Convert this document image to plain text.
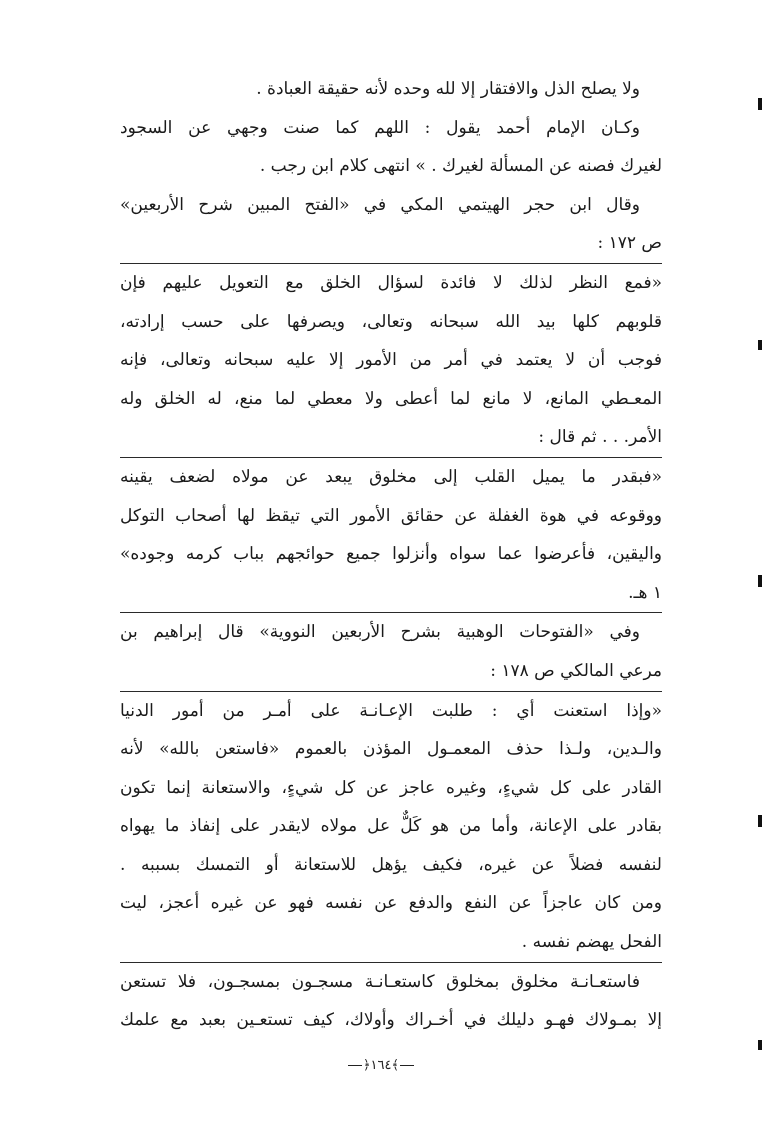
ولا يصلح الذل والافتقار إلا لله وحده لأنه حقيقة العبادة .
وكـان الإمام أحمد يقول : اللهم كما صنت وجهي عن السجود
لغيرك فصنه عن المسألة لغيرك . » انتهى كلام ابن رجب .
وقال ابن حجر الهيتمي المكي في «الفتح المبين شرح الأربعين»
ص ١٧٢ :
«فمع النظر لذلك لا فائدة لسؤال الخلق مع التعويل عليهم فإن
قلوبهم كلها بيد الله سبحانه وتعالى، ويصرفها على حسب إرادته،
فوجب أن لا يعتمد في أمر من الأمور إلا عليه سبحانه وتعالى، فإنه
المعـطي المانع، لا مانع لما أعطى ولا معطي لما منع، له الخلق وله
الأمر. . . ثم قال :
«فبقدر ما يميل القلب إلى مخلوق يبعد عن مولاه لضعف يقينه
ووقوعه في هوة الغفلة عن حقائق الأمور التي تيقظ لها أصحاب التوكل
واليقين، فأعرضوا عما سواه وأنزلوا جميع حوائجهم بباب كرمه وجوده»
١ هـ.
وفي «الفتوحات الوهبية بشرح الأربعين النووية» قال إبراهيم بن
مرعي المالكي ص ١٧٨ :
«وإذا استعنت أي : طلبت الإعـانـة على أمـر من أمور الدنيا
والـدين، ولـذا حذف المعمـول المؤذن بالعموم «فاستعن بالله» لأنه
القادر على كل شيءٍ، وغيره عاجز عن كل شيءٍ، والاستعانة إنما تكون
بقادر على الإعانة، وأما من هو كَلٌّ عل مولاه لايقدر على إنفاذ ما يهواه
لنفسه فضلاً عن غيره، فكيف يؤهل للاستعانة أو التمسك بسببه .
ومن كان عاجزاً عن النفع والدفع عن نفسه فهو عن غيره أعجز، ليت
الفحل يهضم نفسه .
فاستعـانـة مخلوق بمخلوق كاستعـانـة مسجـون بمسجـون، فلا تستعن
إلا بمـولاك فهـو دليلك في أخـراك وأولاك، كيف تستعـين بعبد مع علمك
﴾١٦٤﴿
